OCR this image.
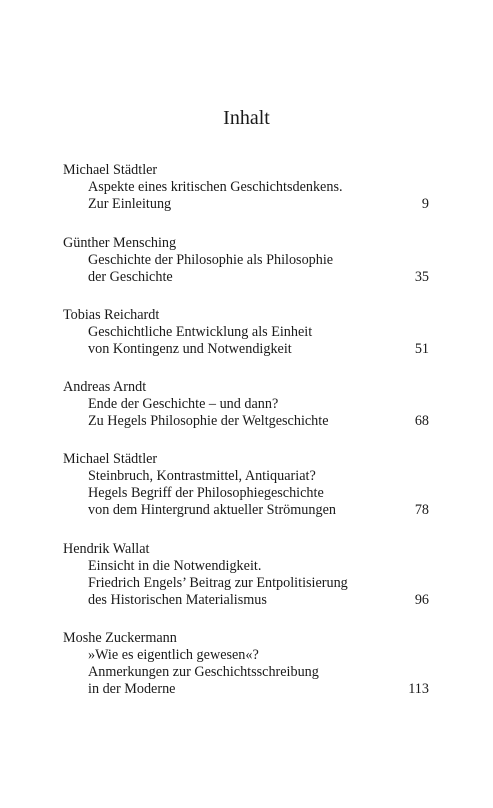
Inhalt
Michael Städtler
Aspekte eines kritischen Geschichtsdenkens.
Zur Einleitung	9
Günther Mensching
Geschichte der Philosophie als Philosophie
der Geschichte	35
Tobias Reichardt
Geschichtliche Entwicklung als Einheit
von Kontingenz und Notwendigkeit	51
Andreas Arndt
Ende der Geschichte – und dann?
Zu Hegels Philosophie der Weltgeschichte	68
Michael Städtler
Steinbruch, Kontrastmittel, Antiquariat?
Hegels Begriff der Philosophiegeschichte
von dem Hintergrund aktueller Strömungen	78
Hendrik Wallat
Einsicht in die Notwendigkeit.
Friedrich Engels’ Beitrag zur Entpolitisierung
des Historischen Materialismus	96
Moshe Zuckermann
»Wie es eigentlich gewesen«?
Anmerkungen zur Geschichtsschreibung
in der Moderne	113
